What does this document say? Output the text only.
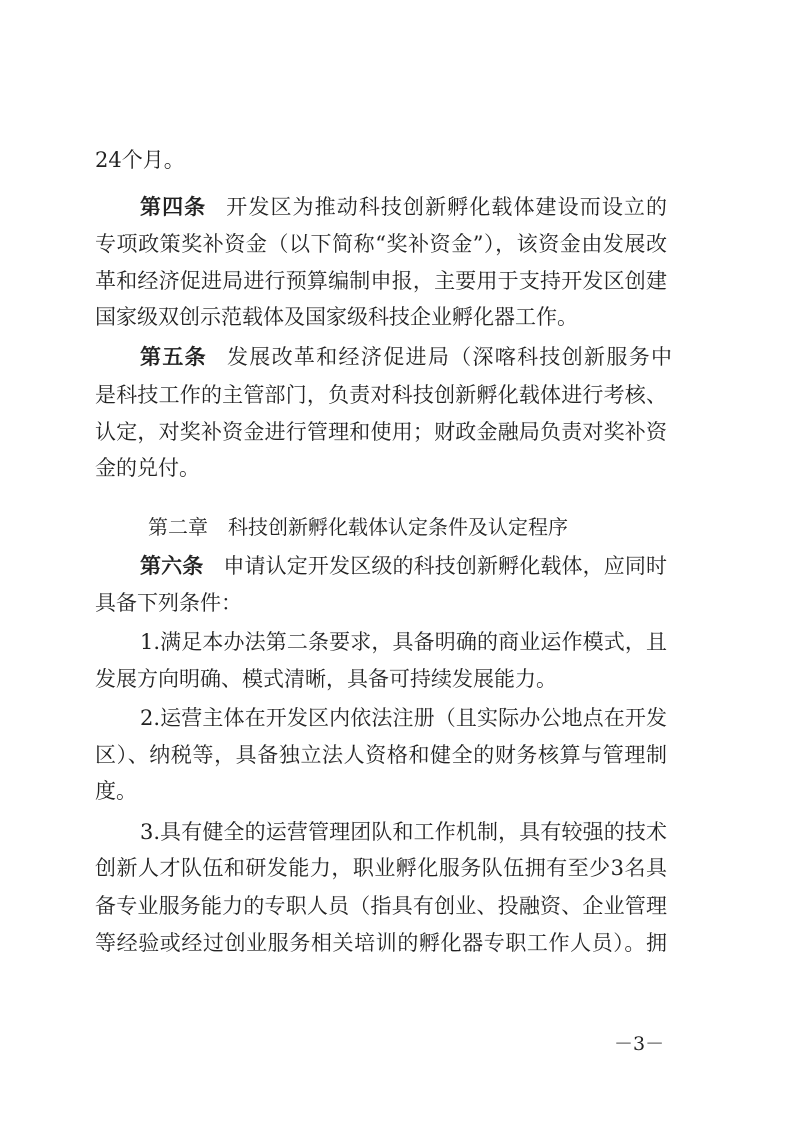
24个月。
第四条 开发区为推动科技创新孵化载体建设而设立的
专项政策奖补资金（以下简称“奖补资金”），该资金由发展改
革和经济促进局进行预算编制申报，主要用于支持开发区创建
国家级双创示范载体及国家级科技企业孵化器工作。
第五条 发展改革和经济促进局（深喀科技创新服务中
是科技工作的主管部门，负责对科技创新孵化载体进行考核、
认定，对奖补资金进行管理和使用；财政金融局负责对奖补资
金的兑付。
第二章　科技创新孵化载体认定条件及认定程序
第六条 申请认定开发区级的科技创新孵化载体，应同时
具备下列条件：
1.满足本办法第二条要求，具备明确的商业运作模式，且
发展方向明确、模式清晰，具备可持续发展能力。
2.运营主体在开发区内依法注册（且实际办公地点在开发
区）、纳税等，具备独立法人资格和健全的财务核算与管理制
度。
3.具有健全的运营管理团队和工作机制，具有较强的技术
创新人才队伍和研发能力，职业孵化服务队伍拥有至少3名具
备专业服务能力的专职人员（指具有创业、投融资、企业管理
等经验或经过创业服务相关培训的孵化器专职工作人员）。拥
－3－
